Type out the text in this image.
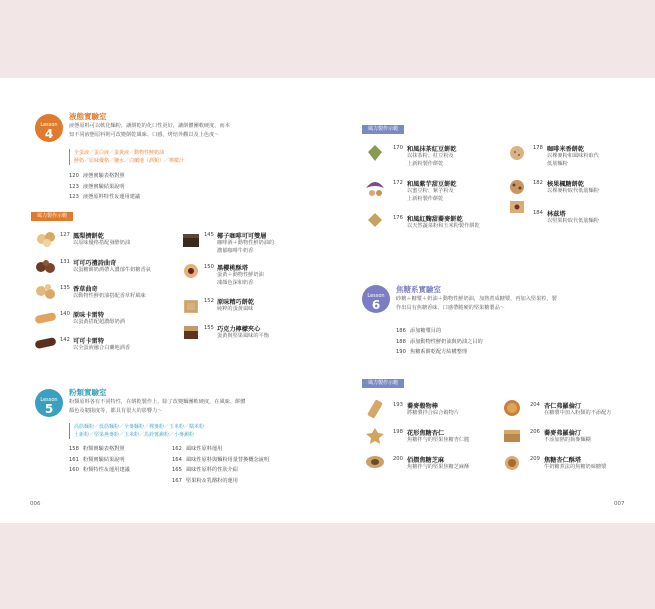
Lesson
4
液態實驗室
液態原料可以軟化麵粉，讓餅乾的化口性更好，讓餅體團軟硬度，而本
知不同液態原料則可改變餅乾風味、口感，烤焙外觀以及上色度～
全蛋液／蛋白液／蛋黃液／動物性鮮奶油
鮮奶／原味優格／鹽水／白蘭地（酒類）／檸檬汁
120 液態實驗表格對照
123 液態實驗結果說明
123 液態原料特性＆運用建議
風力製作示範
127 鳳梨擠餅乾
以原味優格搭配發酵奶油
131 可可巧禮詩曲奇
以蛋糖餅奶酒帶入濃郁牛奶糖香氣
135 香草曲奇
以動物性鮮奶油搭配香草籽風味
140 原味卡雷特
以蛋黃搭配超濃醇奶酒
142 可可卡雷特
以全蛋液融合白蘭地酒香
145 椰子咖啡可可雙層
咖啡酒＋動物性鮮奶油的
濃郁咖啡牛奶香
150 黑櫻桃酥塔
蛋黃＋動物性鮮奶油
凍顏色深和奶香
152 原味精巧餅乾
純粹的蛋黃風味
155 巧克力檸檬夾心
蛋黃與堅果風味的平衡
Lesson
5
粉類實驗室
粉類原料各有不同特性，在餅乾製作上，除了改變麵團軟硬度，在風味、餅體
顏色及韌揚度等，都具有很大的影響力～
高筋麵粉／低筋麵粉／全麥麵粉／裸麥粉／玉米粉／糯米粉
上新粉／堅果燕麥粉／玉米粉／馬鈴薯澱粉／小麥澱粉
158 粉類實驗表格對照
161 粉類實驗結果說明
160 粉類特性＆運用建議
162 風味性原料運用
164 風味性原料與麵粉用量替換概念說明
165 風味性原料的性狀介紹
167 堅果粉＆乳酪粉的運用
006
風力製作示範
170 和風抹茶紅豆餅乾
以抹茶粉、紅豆粉及
上新粉製作餅乾
172 和風紫芋甜豆餅乾
以蜜豆粉、紫芋粉及
上新粉製作餅乾
176 和風紅麴甜蕎麥餅乾
以天然蔬菜粉和玉米粉製作餅乾
178 咖啡米香餅乾
以裸麥粉和風味粉取代
低筋麵粉
182 核果楓糖餅乾
以裸麥粉取代低筋麵粉
184 林茲塔
以堅果粉取代低筋麵粉
Lesson
6
焦糖系實驗室
砂糖＋糖漿＋奶油＋動物性鮮奶油，加熱煮成糖漿，再加入堅果粒，製
作出具有焦糖香味、口感帶脆硬的堅果糖製品～
186 添加糖漿目的
188 添加動物性鮮奶油與奶油之目的
190 焦糖系餅乾配方結構整理
風力製作示範
193 蕎麥穀物棒
將糖漿拌合綜合穀物片
198 花形焦糖杏仁
焦糖拌勻的堅果焦糖杏仁脆
200 佰摺焦糖芝麻
焦糖拌勻的堅果焦糖芝麻酥
204 杏仁弗羅倫汀
在糖漿中加入粉類的不添配方
206 蕎麥弗羅倫汀
不添加熱的蕎麥麵糊
209 焦糖杏仁酥塔
牛奶糖煮法的焦糖奶味糖漿
007
